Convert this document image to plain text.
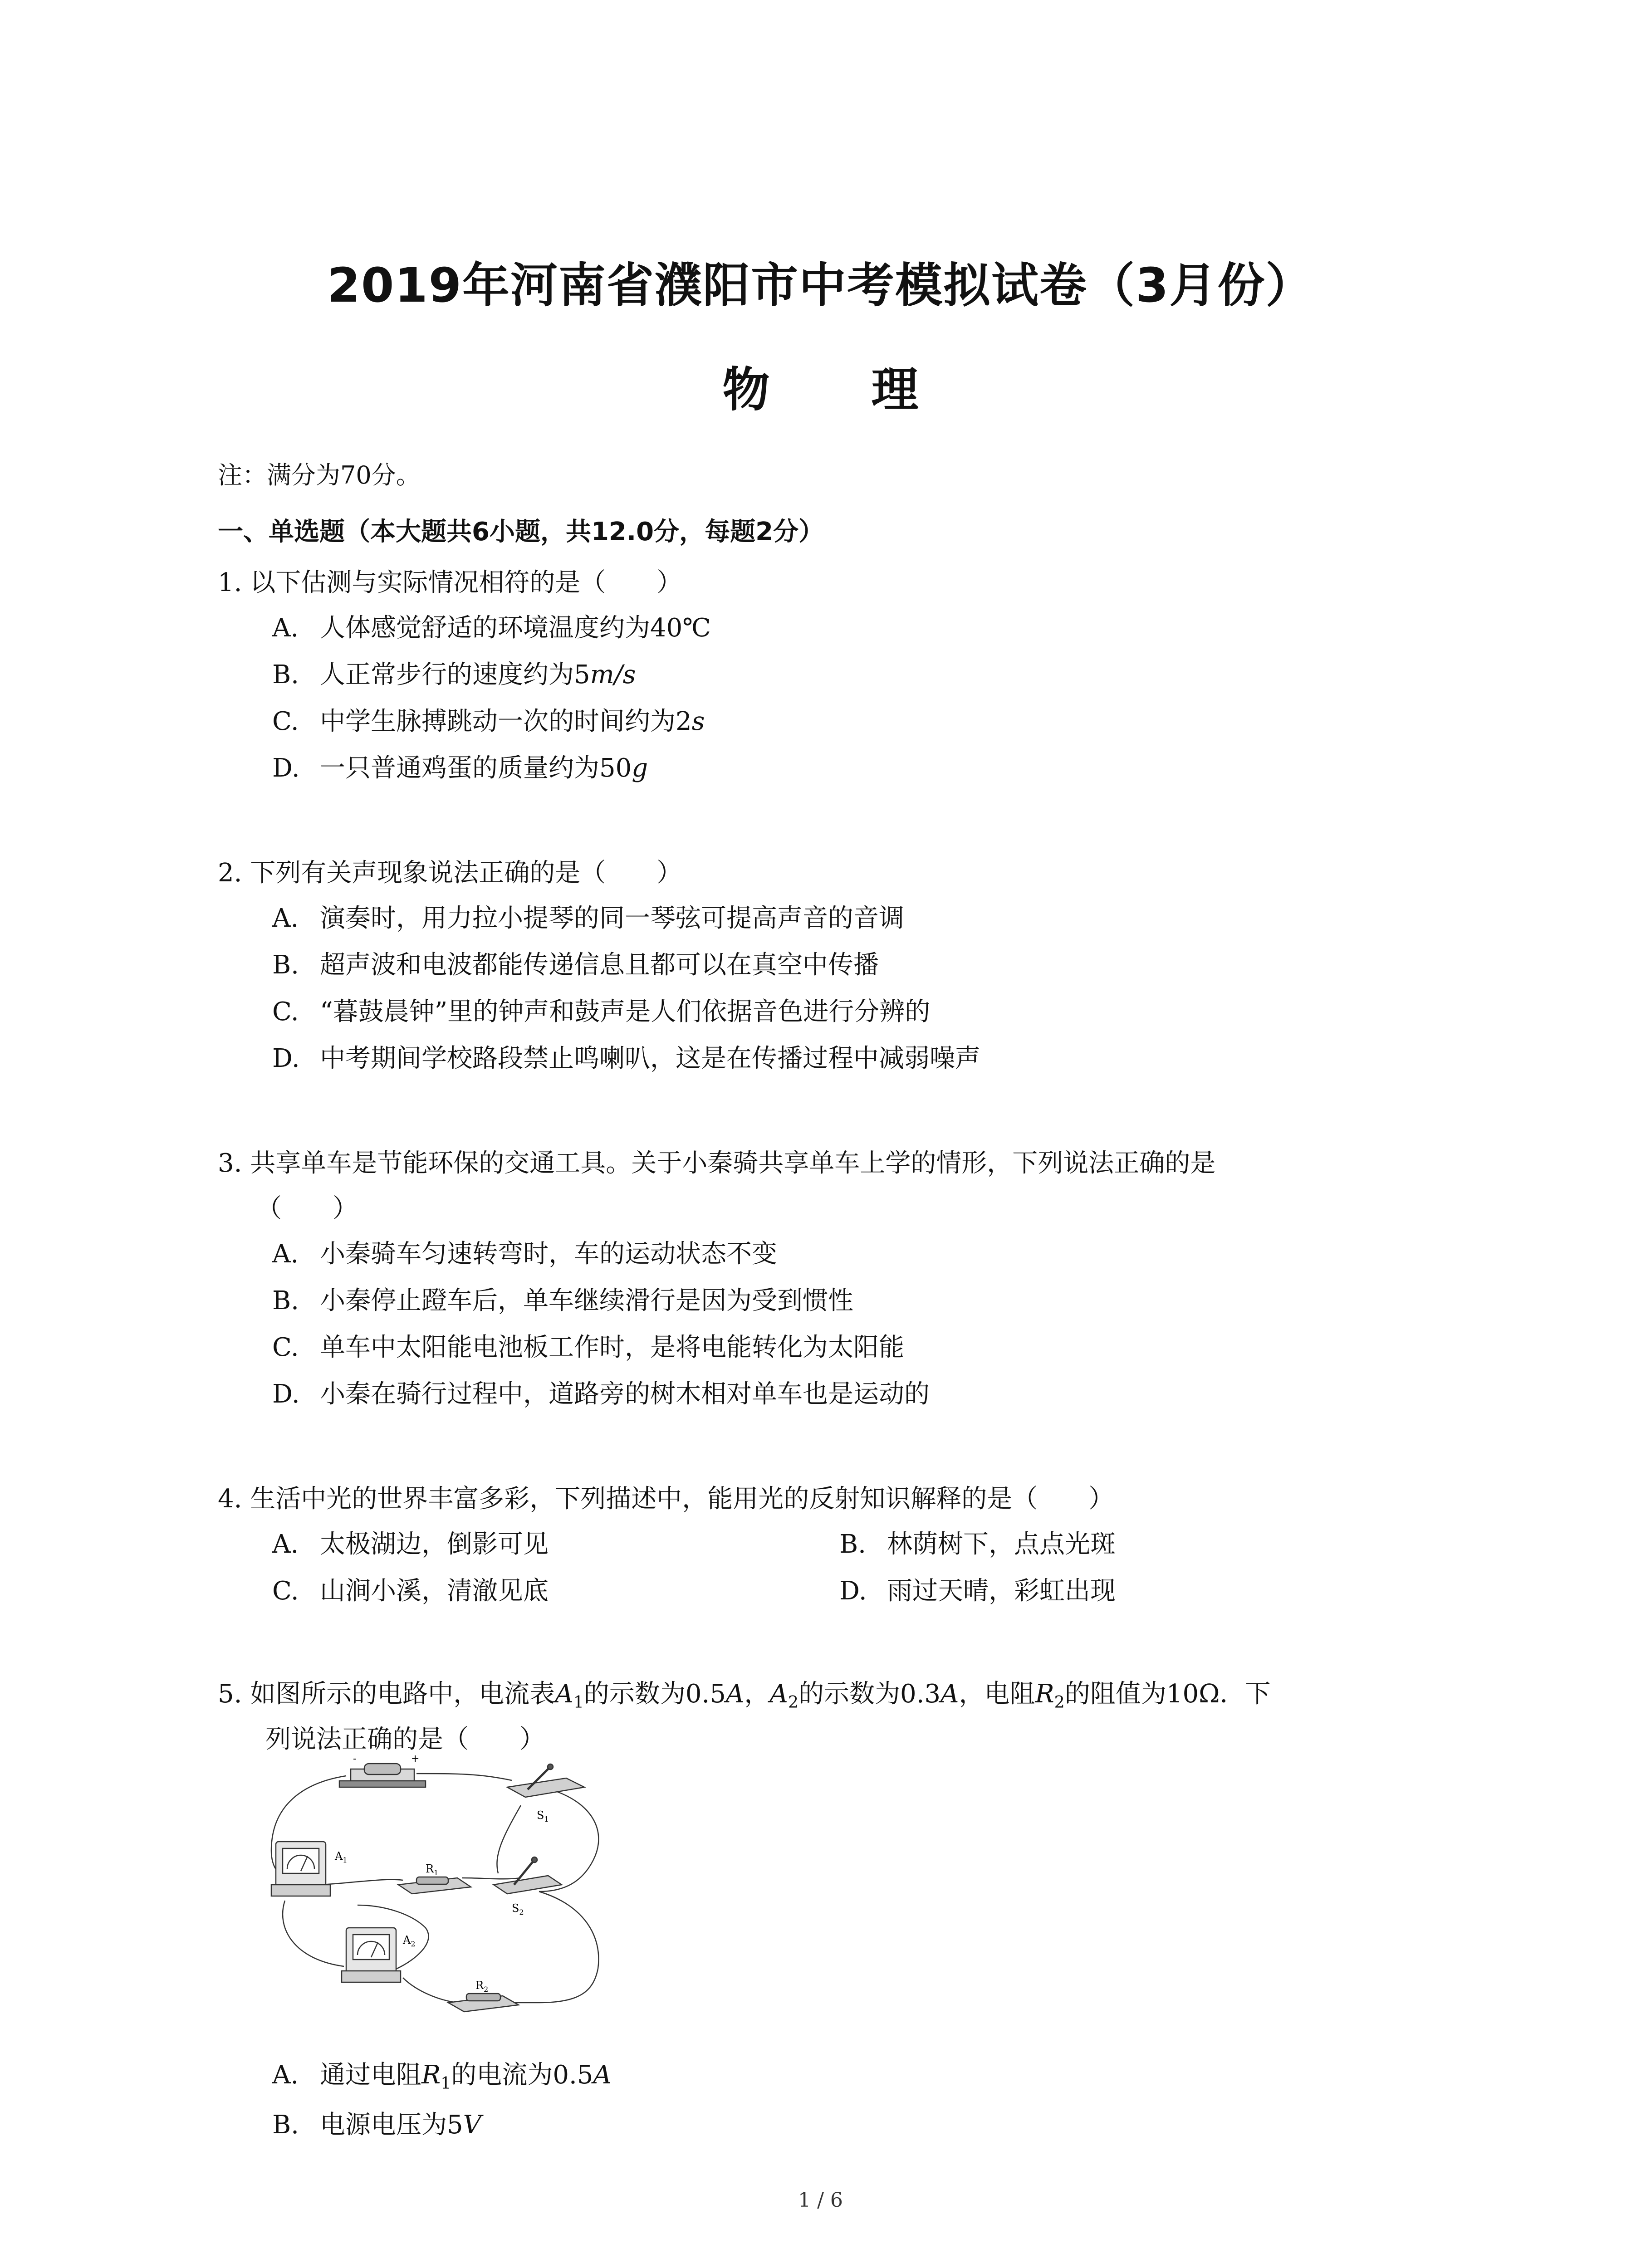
2019年河南省濮阳市中考模拟试卷（3月份）
物　理
注：满分为70分。
一、单选题（本大题共6小题，共12.0分，每题2分）
1. 以下估测与实际情况相符的是（　　）
A. 人体感觉舒适的环境温度约为40℃
B. 人正常步行的速度约为5m/s
C. 中学生脉搏跳动一次的时间约为2s
D. 一只普通鸡蛋的质量约为50g
2. 下列有关声现象说法正确的是（　　）
A. 演奏时，用力拉小提琴的同一琴弦可提高声音的音调
B. 超声波和电波都能传递信息且都可以在真空中传播
C. “暮鼓晨钟”里的钟声和鼓声是人们依据音色进行分辨的
D. 中考期间学校路段禁止鸣喇叭，这是在传播过程中减弱噪声
3. 共享单车是节能环保的交通工具。关于小秦骑共享单车上学的情形，下列说法正确的是
（　　）
A. 小秦骑车匀速转弯时，车的运动状态不变
B. 小秦停止蹬车后，单车继续滑行是因为受到惯性
C. 单车中太阳能电池板工作时，是将电能转化为太阳能
D. 小秦在骑行过程中，道路旁的树木相对单车也是运动的
4. 生活中光的世界丰富多彩，下列描述中，能用光的反射知识解释的是（　　）
A. 太极湖边，倒影可见	B. 林荫树下，点点光斑
C. 山涧小溪，清澈见底	D. 雨过天晴，彩虹出现
5. 如图所示的电路中，电流表$A_1$的示数为0.5A，$A_2$的示数为0.3A，电阻$R_2$的阻值为10Ω．下
列说法正确的是（　　）
-	+
$S_1$
$A_1$
$R_1$
$S_2$
$A_2$
$R_2$
A. 通过电阻$R_1$的电流为0.5A
B. 电源电压为5V
1 / 6
